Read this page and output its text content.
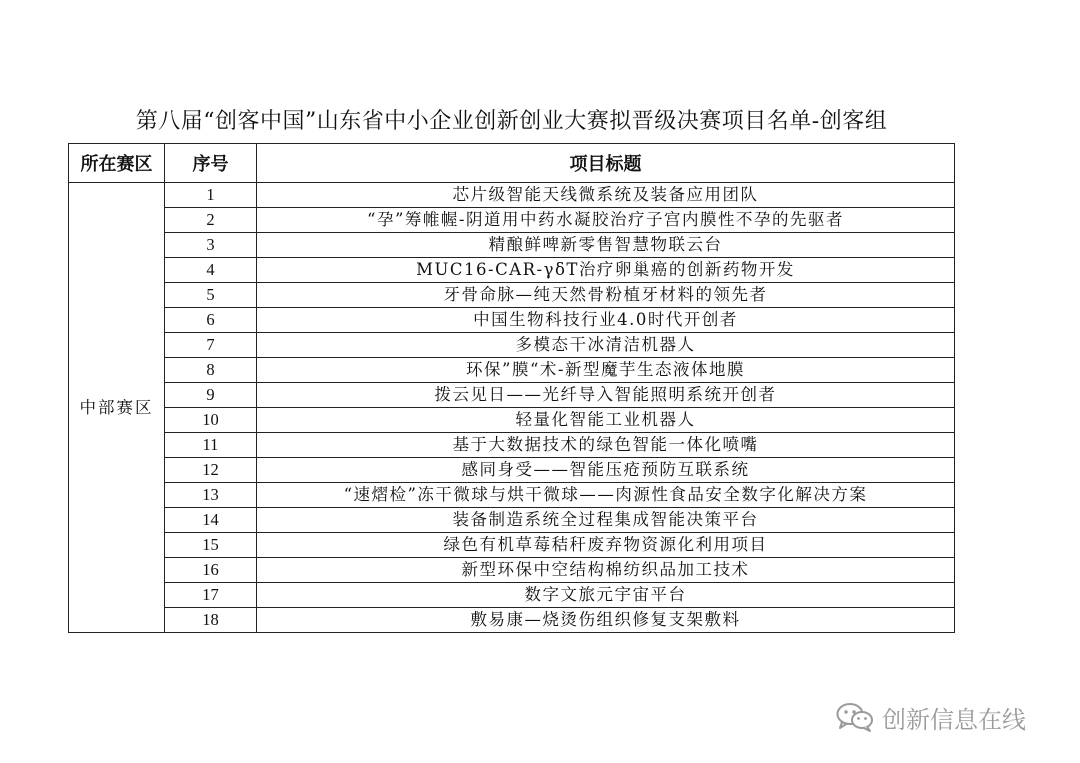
第八届“创客中国”山东省中小企业创新创业大赛拟晋级决赛项目名单-创客组
所在赛区	序号	项目标题
中部赛区	1	芯片级智能天线微系统及装备应用团队
	2	“孕”筹帷幄-阴道用中药水凝胶治疗子宫内膜性不孕的先驱者
	3	精酿鲜啤新零售智慧物联云台
	4	MUC16-CAR-γδT治疗卵巢癌的创新药物开发
	5	牙骨命脉—纯天然骨粉植牙材料的领先者
	6	中国生物科技行业4.0时代开创者
	7	多模态干冰清洁机器人
	8	环保”膜“术-新型魔芋生态液体地膜
	9	拨云见日——光纤导入智能照明系统开创者
	10	轻量化智能工业机器人
	11	基于大数据技术的绿色智能一体化喷嘴
	12	感同身受——智能压疮预防互联系统
	13	“速熠检”冻干微球与烘干微球——肉源性食品安全数字化解决方案
	14	装备制造系统全过程集成智能决策平台
	15	绿色有机草莓秸秆废弃物资源化利用项目
	16	新型环保中空结构棉纺织品加工技术
	17	数字文旅元宇宙平台
	18	敷易康—烧烫伤组织修复支架敷料
创新信息在线
